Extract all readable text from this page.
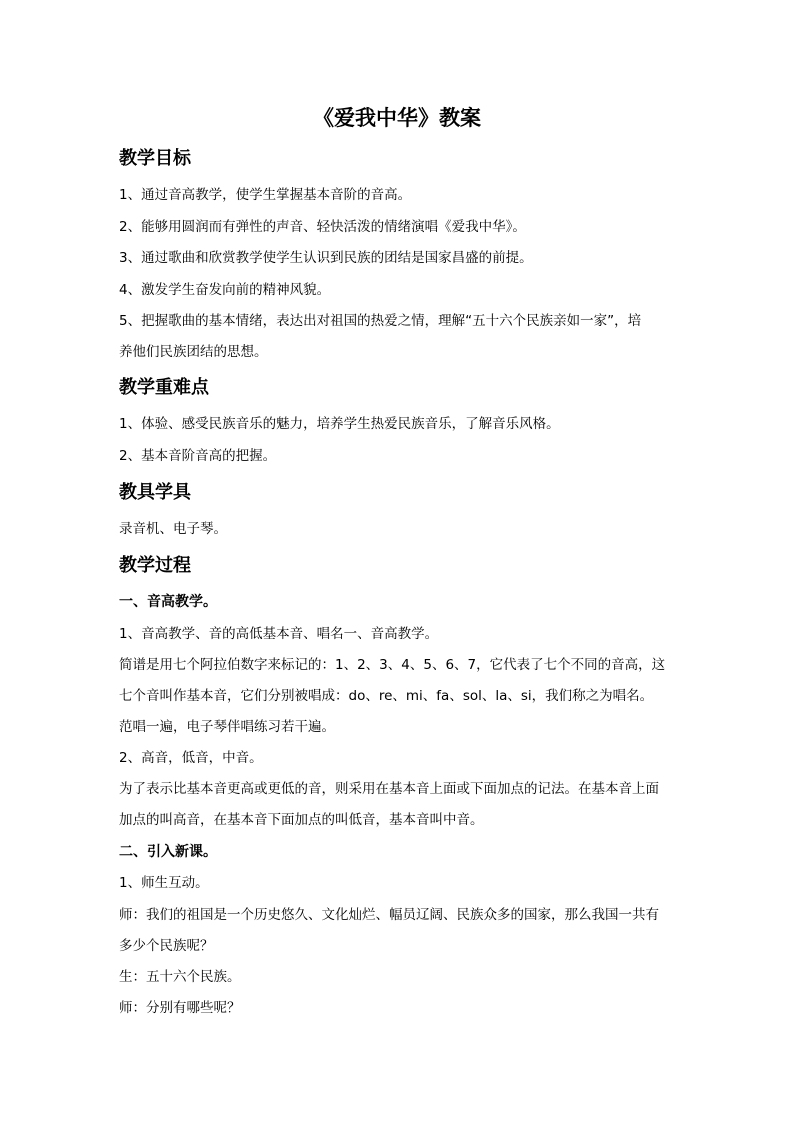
《爱我中华》教案
教学目标
1、通过音高教学，使学生掌握基本音阶的音高。
2、能够用圆润而有弹性的声音、轻快活泼的情绪演唱《爱我中华》。
3、通过歌曲和欣赏教学使学生认识到民族的团结是国家昌盛的前提。
4、激发学生奋发向前的精神风貌。
5、把握歌曲的基本情绪，表达出对祖国的热爱之情，理解“五十六个民族亲如一家”，培
养他们民族团结的思想。
教学重难点
1、体验、感受民族音乐的魅力，培养学生热爱民族音乐，了解音乐风格。
2、基本音阶音高的把握。
教具学具
录音机、电子琴。
教学过程
一、音高教学。
1、音高教学、音的高低基本音、唱名一、音高教学。
简谱是用七个阿拉伯数字来标记的：1、2、3、4、5、6、7，它代表了七个不同的音高，这
七个音叫作基本音，它们分别被唱成：do、re、mi、fa、sol、la、si，我们称之为唱名。
范唱一遍，电子琴伴唱练习若干遍。
2、高音，低音，中音。
为了表示比基本音更高或更低的音，则采用在基本音上面或下面加点的记法。在基本音上面
加点的叫高音，在基本音下面加点的叫低音，基本音叫中音。
二、引入新课。
1、师生互动。
师：我们的祖国是一个历史悠久、文化灿烂、幅员辽阔、民族众多的国家，那么我国一共有
多少个民族呢？
生：五十六个民族。
师：分别有哪些呢？
